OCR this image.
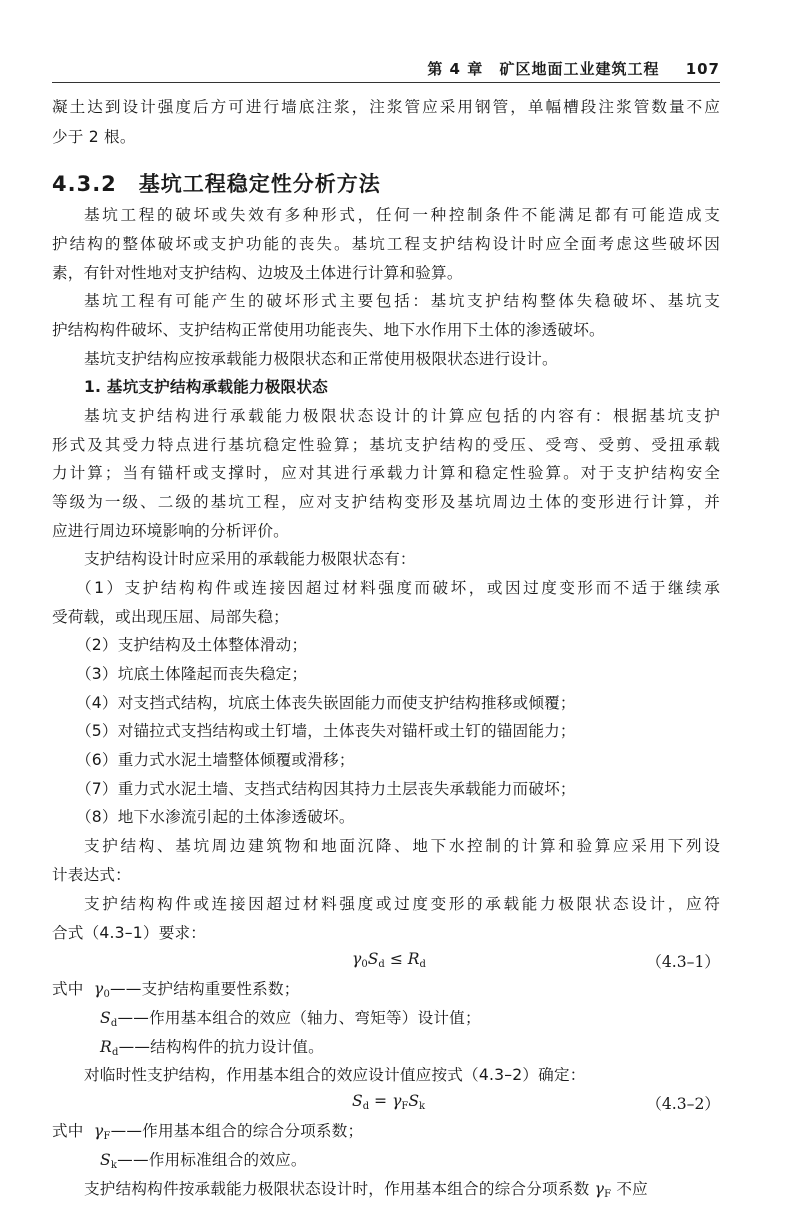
第 4 章 矿区地面工业建筑工程 107
凝土达到设计强度后方可进行墙底注浆，注浆管应采用钢管，单幅槽段注浆管数量不应
少于 2 根。
4.3.2 基坑工程稳定性分析方法
基坑工程的破坏或失效有多种形式，任何一种控制条件不能满足都有可能造成支
护结构的整体破坏或支护功能的丧失。基坑工程支护结构设计时应全面考虑这些破坏因
素，有针对性地对支护结构、边坡及土体进行计算和验算。
基坑工程有可能产生的破坏形式主要包括：基坑支护结构整体失稳破坏、基坑支
护结构构件破坏、支护结构正常使用功能丧失、地下水作用下土体的渗透破坏。
基坑支护结构应按承载能力极限状态和正常使用极限状态进行设计。
1. 基坑支护结构承载能力极限状态
基坑支护结构进行承载能力极限状态设计的计算应包括的内容有：根据基坑支护
形式及其受力特点进行基坑稳定性验算；基坑支护结构的受压、受弯、受剪、受扭承载
力计算；当有锚杆或支撑时，应对其进行承载力计算和稳定性验算。对于支护结构安全
等级为一级、二级的基坑工程，应对支护结构变形及基坑周边土体的变形进行计算，并
应进行周边环境影响的分析评价。
支护结构设计时应采用的承载能力极限状态有：
（1）支护结构构件或连接因超过材料强度而破坏，或因过度变形而不适于继续承
受荷载，或出现压屈、局部失稳；
（2）支护结构及土体整体滑动；
（3）坑底土体隆起而丧失稳定；
（4）对支挡式结构，坑底土体丧失嵌固能力而使支护结构推移或倾覆；
（5）对锚拉式支挡结构或土钉墙，土体丧失对锚杆或土钉的锚固能力；
（6）重力式水泥土墙整体倾覆或滑移；
（7）重力式水泥土墙、支挡式结构因其持力土层丧失承载能力而破坏；
（8）地下水渗流引起的土体渗透破坏。
支护结构、基坑周边建筑物和地面沉降、地下水控制的计算和验算应采用下列设
计表达式：
支护结构构件或连接因超过材料强度或过度变形的承载能力极限状态设计，应符
合式（4.3–1）要求：
$\gamma_0S_d \le R_d$	（4.3–1）
式中 $\gamma_0——$支护结构重要性系数；
$S_d——$作用基本组合的效应（轴力、弯矩等）设计值；
$R_d——$结构构件的抗力设计值。
对临时性支护结构，作用基本组合的效应设计值应按式（4.3–2）确定：
$S_d = \gamma_FS_k$	（4.3–2）
式中 $\gamma_F——$作用基本组合的综合分项系数；
$S_k——$作用标准组合的效应。
支护结构构件按承载能力极限状态设计时，作用基本组合的综合分项系数 $\gamma_F$ 不应
